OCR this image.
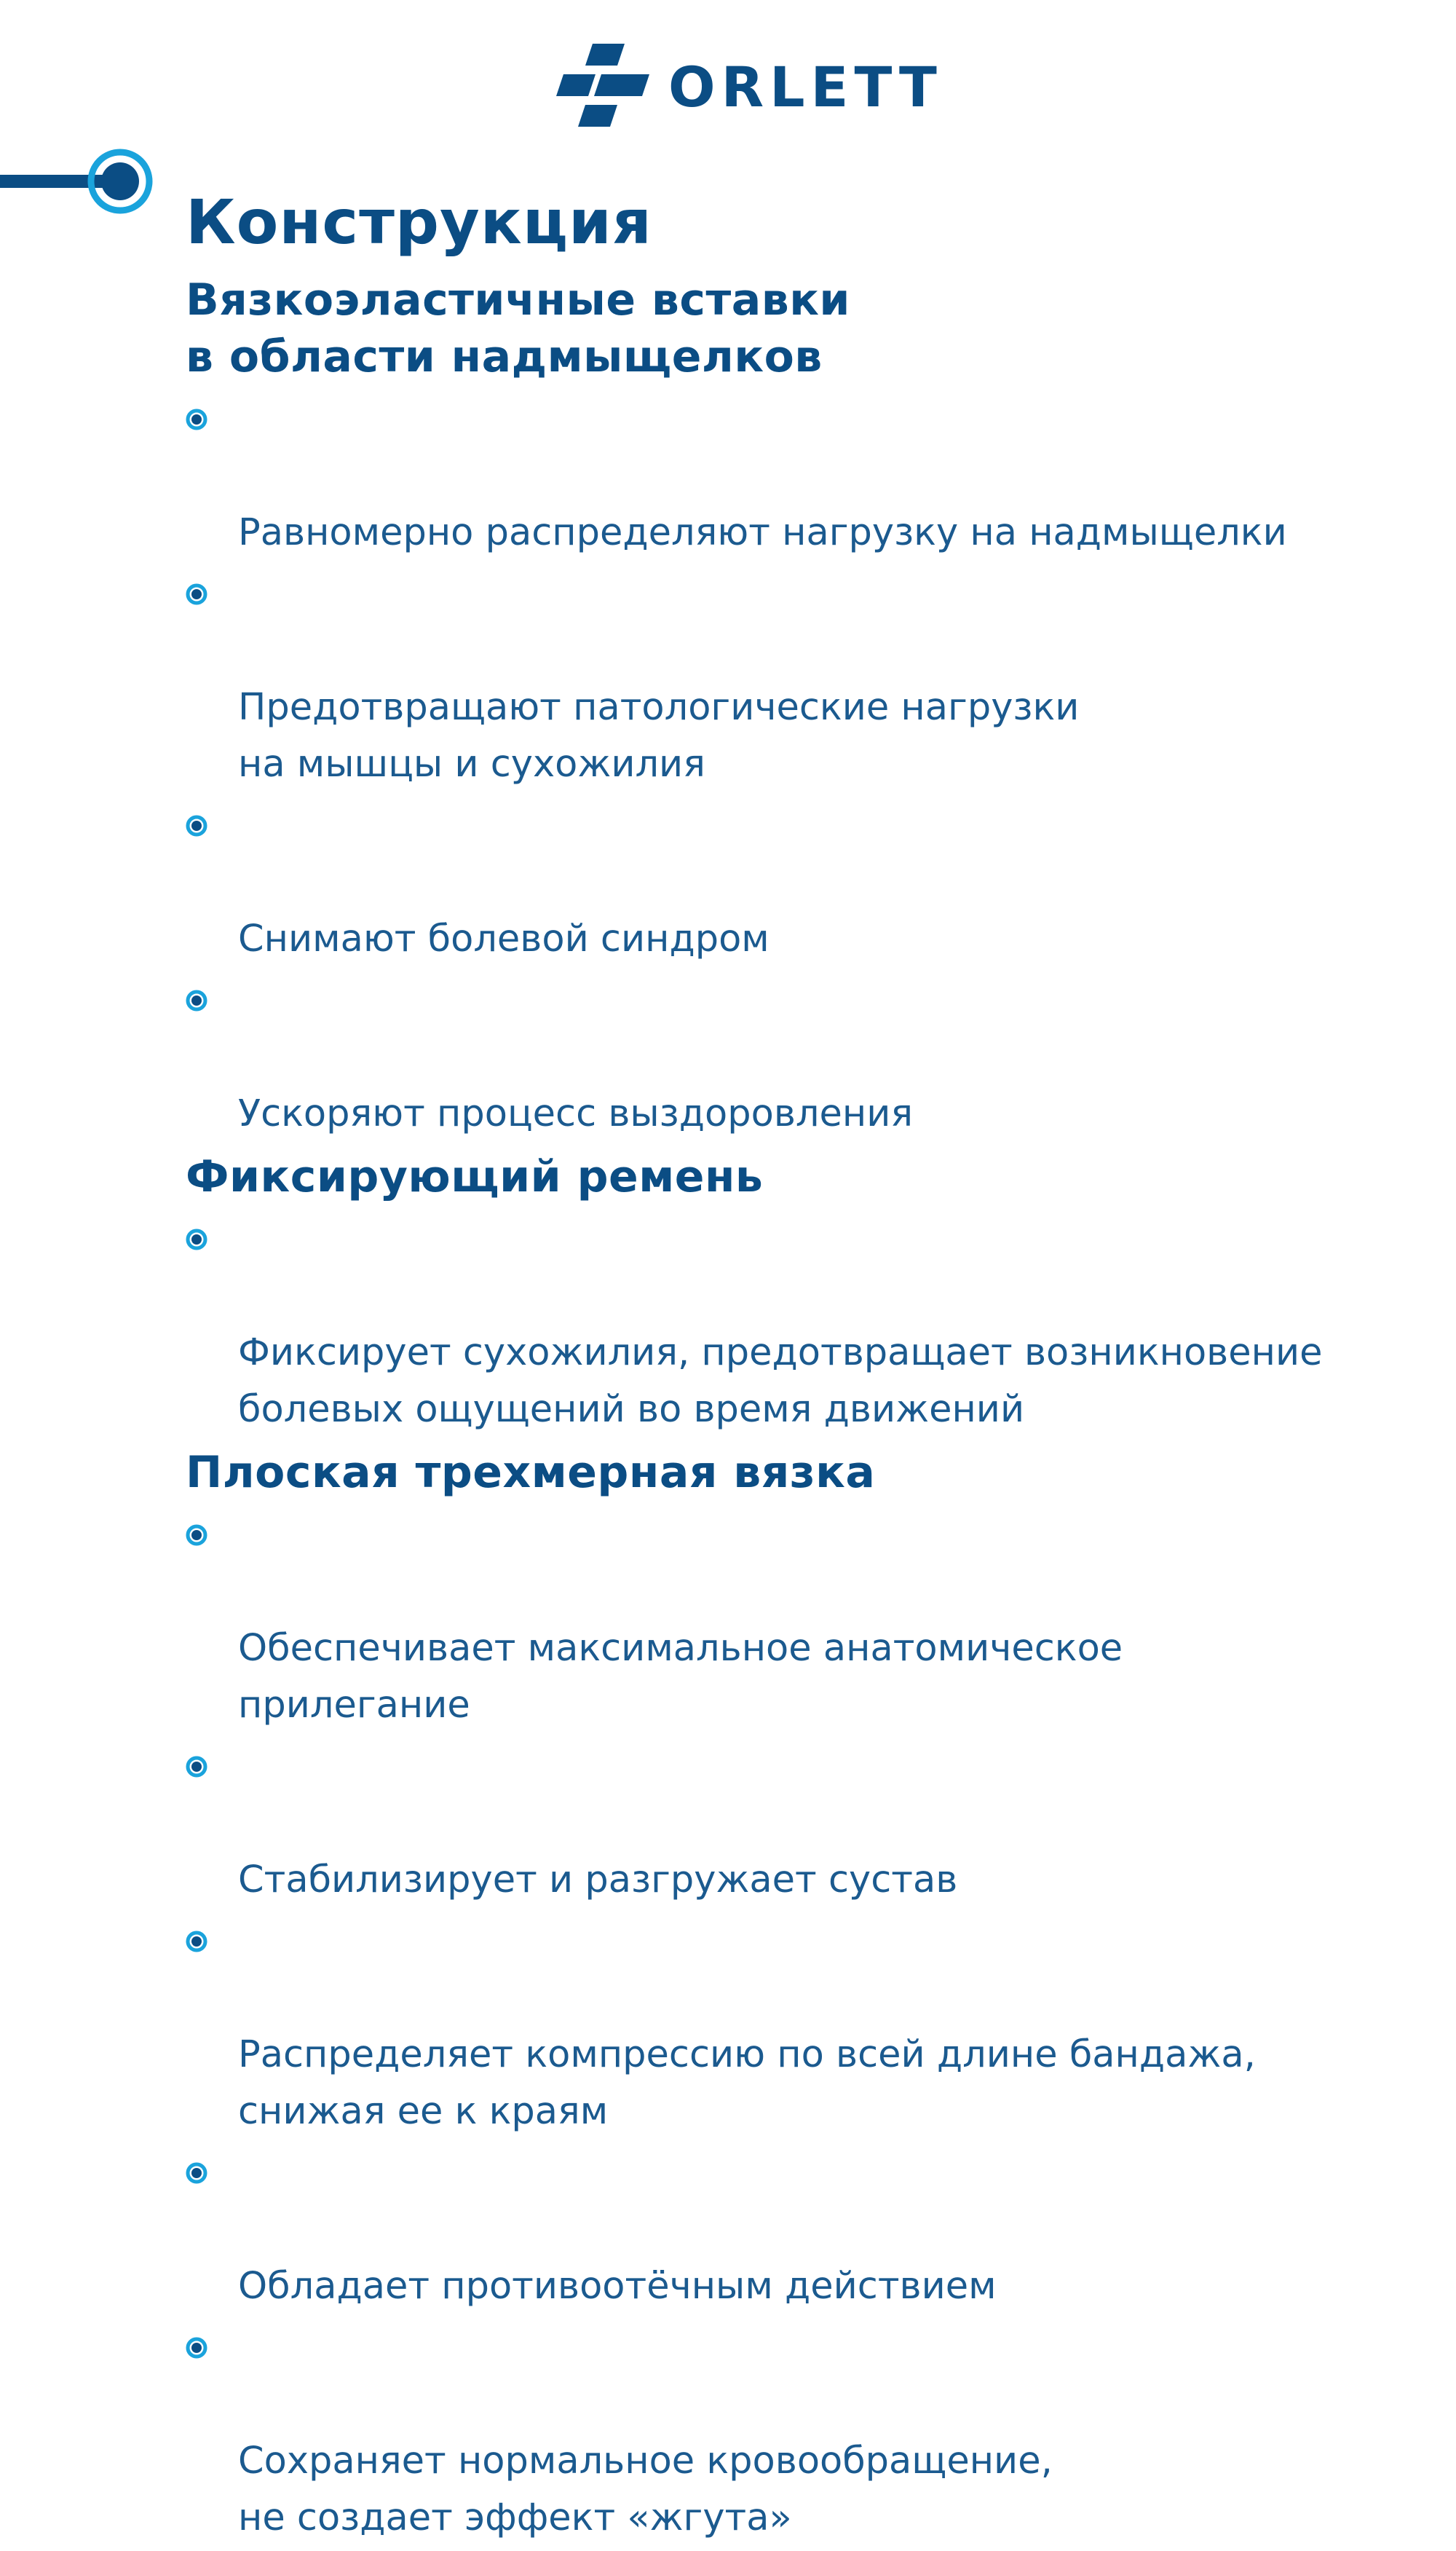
ORLETT
Конструкция
Вязкоэластичные вставки
в области надмыщелков

Равномерно распределяют нагрузку на надмыщелки

Предотвращают патологические нагрузки
на мышцы и сухожилия

Снимают болевой синдром

Ускоряют процесс выздоровления

Фиксирующий ремень

Фиксирует сухожилия, предотвращает возникновение
болевых ощущений во время движений

Плоская трехмерная вязка

Обеспечивает максимальное анатомическое
прилегание

Стабилизирует и разгружает сустав

Распределяет компрессию по всей длине бандажа,
снижая ее к краям

Обладает противоотёчным действием

Сохраняет нормальное кровообращение,
не создает эффект «жгута»
